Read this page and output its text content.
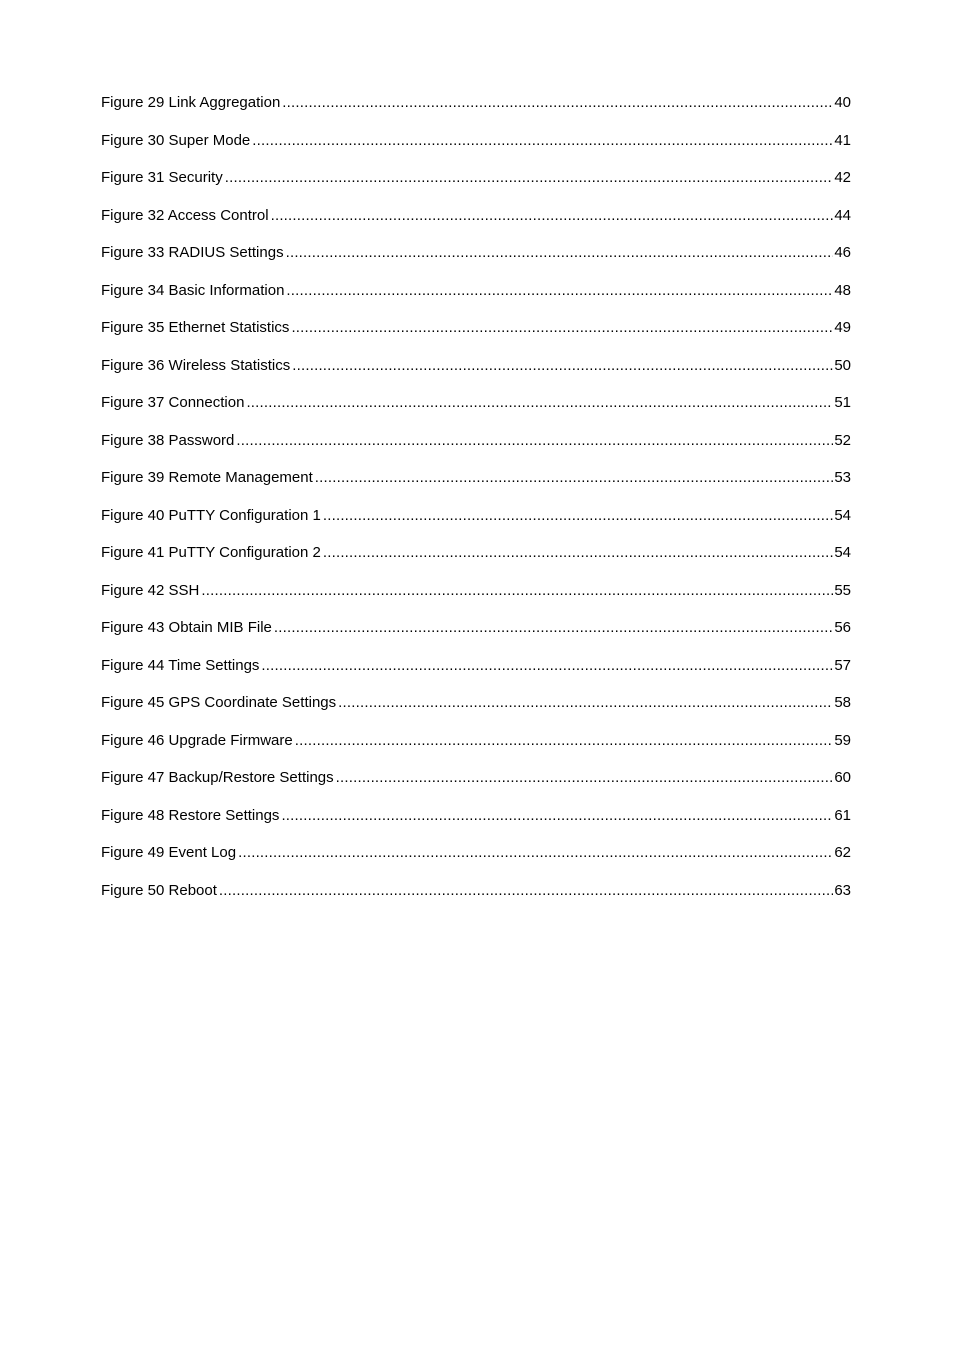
Figure 29 Link Aggregation .....	40
Figure 30 Super Mode .....	41
Figure 31 Security .....	42
Figure 32 Access Control .....	44
Figure 33 RADIUS Settings .....	46
Figure 34 Basic Information .....	48
Figure 35 Ethernet Statistics .....	49
Figure 36 Wireless Statistics .....	50
Figure 37 Connection .....	51
Figure 38 Password .....	52
Figure 39 Remote Management .....	53
Figure 40 PuTTY Configuration 1 .....	54
Figure 41 PuTTY Configuration 2 .....	54
Figure 42 SSH .....	55
Figure 43 Obtain MIB File .....	56
Figure 44 Time Settings .....	57
Figure 45 GPS Coordinate Settings .....	58
Figure 46 Upgrade Firmware .....	59
Figure 47 Backup/Restore Settings .....	60
Figure 48 Restore Settings .....	61
Figure 49 Event Log .....	62
Figure 50 Reboot .....	63
